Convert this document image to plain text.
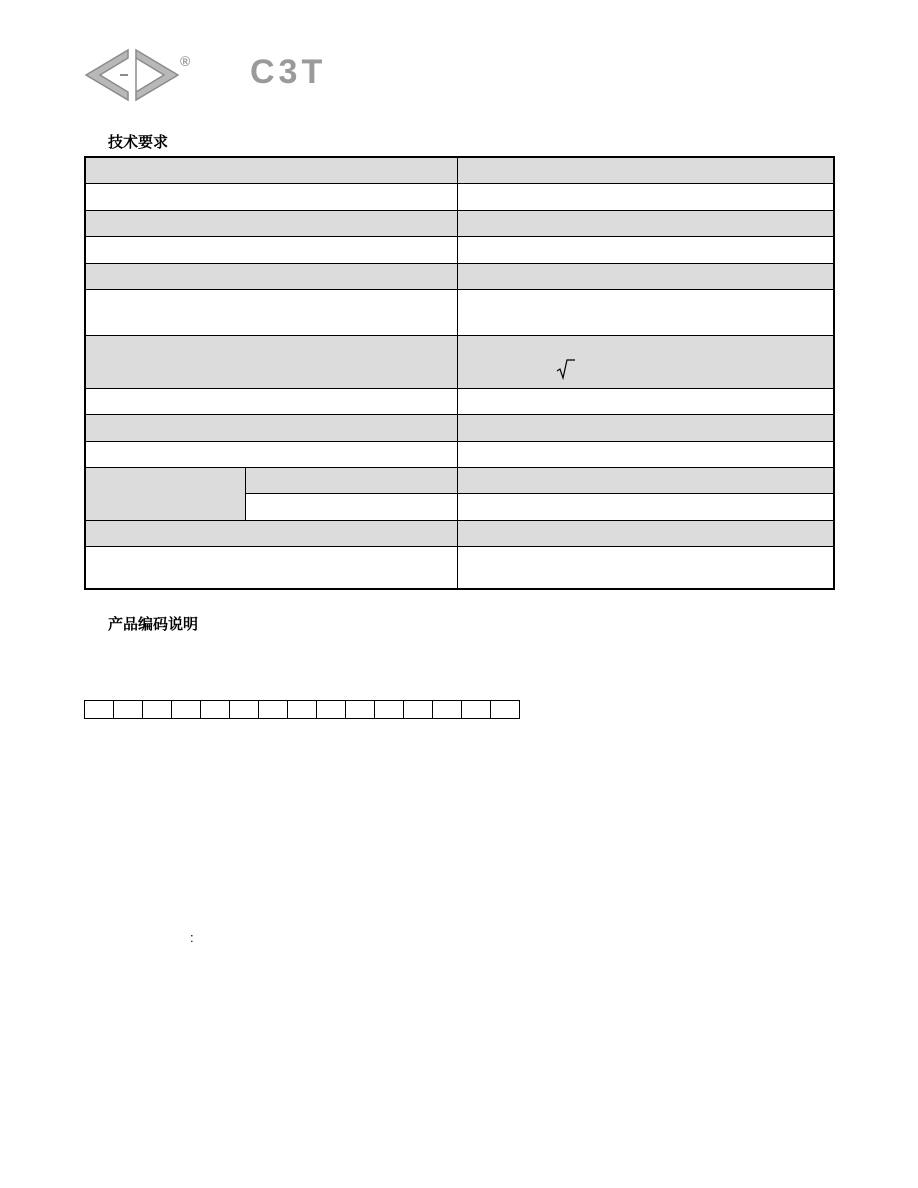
® C3T
技术要求
产品编码说明
:
